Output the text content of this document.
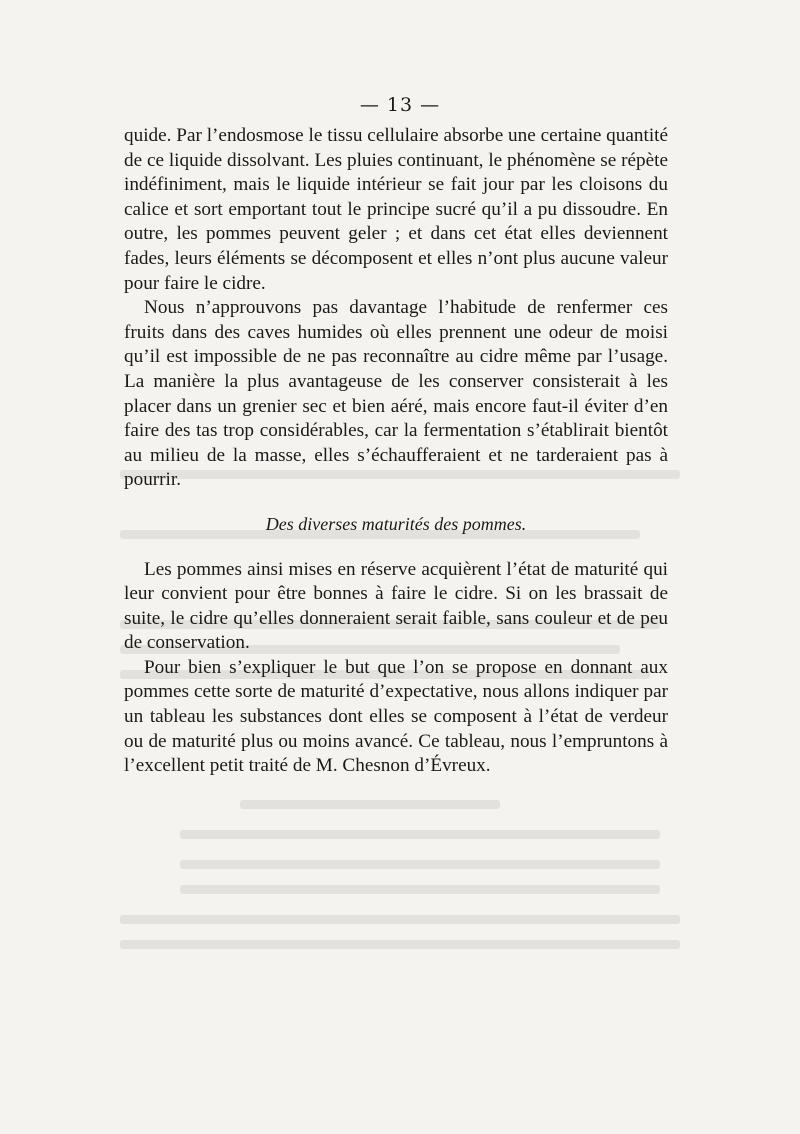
— 13 —

quide. Par l’endosmose le tissu cellulaire absorbe une certaine quantité de ce liquide dissolvant. Les pluies continuant, le phénomène se répète indéfiniment, mais le liquide intérieur se fait jour par les cloisons du calice et sort emportant tout le principe sucré qu’il a pu dissoudre. En outre, les pommes peuvent geler ; et dans cet état elles deviennent fades, leurs éléments se décomposent et elles n’ont plus aucune valeur pour faire le cidre.

Nous n’approuvons pas davantage l’habitude de renfermer ces fruits dans des caves humides où elles prennent une odeur de moisi qu’il est impossible de ne pas reconnaître au cidre même par l’usage. La manière la plus avantageuse de les conserver consisterait à les placer dans un grenier sec et bien aéré, mais encore faut-il éviter d’en faire des tas trop considérables, car la fermentation s’établirait bientôt au milieu de la masse, elles s’échaufferaient et ne tarderaient pas à pourrir.

Des diverses maturités des pommes.

Les pommes ainsi mises en réserve acquièrent l’état de maturité qui leur convient pour être bonnes à faire le cidre. Si on les brassait de suite, le cidre qu’elles donneraient serait faible, sans couleur et de peu de conservation.

Pour bien s’expliquer le but que l’on se propose en donnant aux pommes cette sorte de maturité d’expectative, nous allons indiquer par un tableau les substances dont elles se composent à l’état de verdeur ou de maturité plus ou moins avancé. Ce tableau, nous l’empruntons à l’excellent petit traité de M. Chesnon d’Évreux.
